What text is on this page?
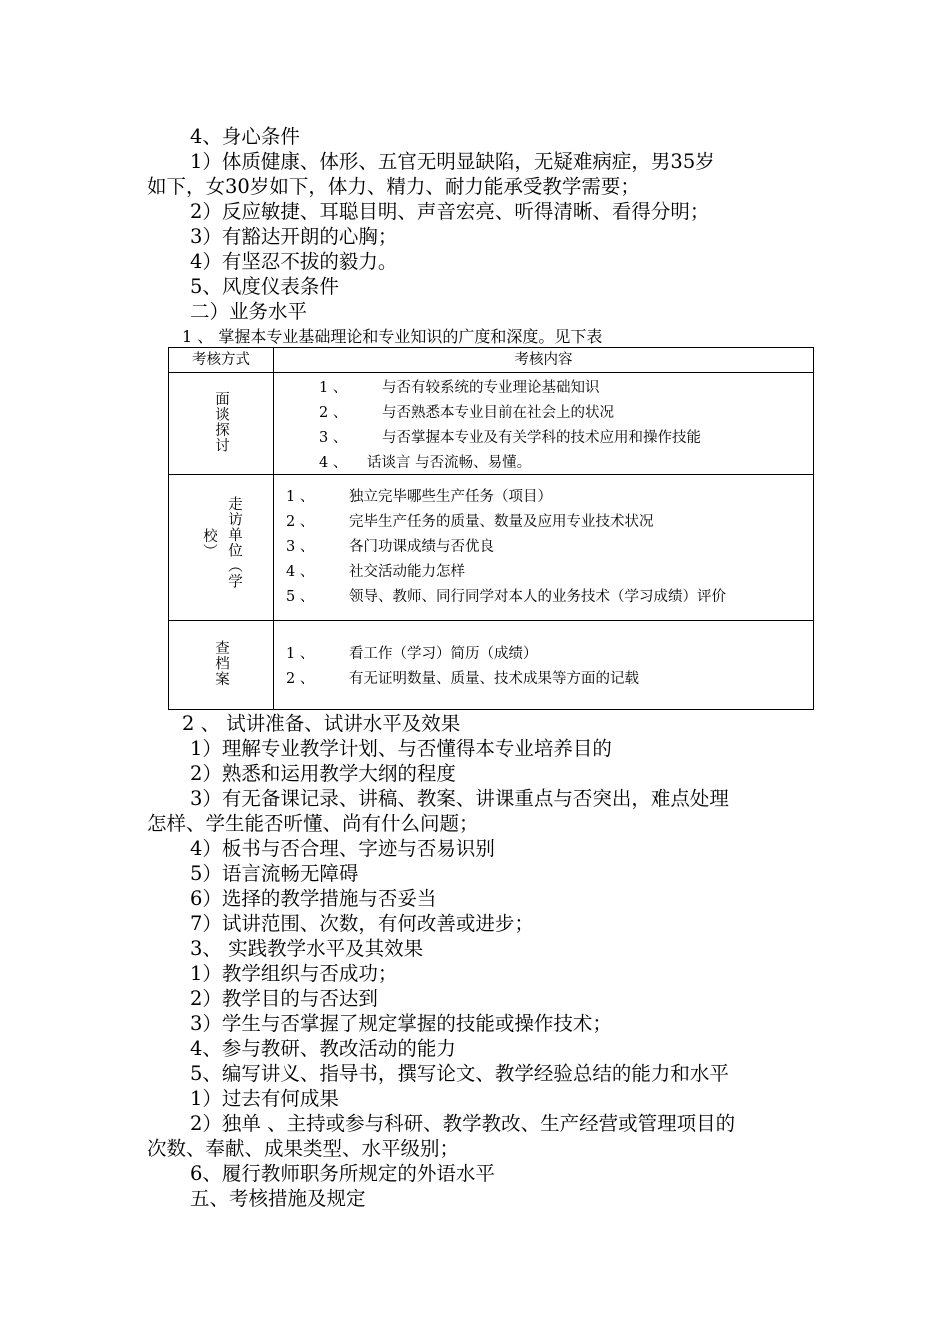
4、身心条件
1）体质健康、体形、五官无明显缺陷，无疑难病症，男35岁
如下，女30岁如下，体力、精力、耐力能承受教学需要；
2）反应敏捷、耳聪目明、声音宏亮、听得清晰、看得分明；
3）有豁达开朗的心胸；
4）有坚忍不拔的毅力。
5、风度仪表条件
二）业务水平
1 、 掌握本专业基础理论和专业知识的广度和深度。见下表
考核方式	考核内容
面谈探讨
1 、 与否有较系统的专业理论基础知识
2 、 与否熟悉本专业目前在社会上的状况
3 、 与否掌握本专业及有关学科的技术应用和操作技能
4 、 话谈言 与否流畅、易懂。
走访单位（学
校）
1 、 独立完毕哪些生产任务（项目）
2 、 完毕生产任务的质量、数量及应用专业技术状况
3 、 各门功课成绩与否优良
4 、 社交活动能力怎样
5 、 领导、教师、同行同学对本人的业务技术（学习成绩）评价
查档案	1 、 看工作（学习）简历（成绩）
2 、 有无证明数量、质量、技术成果等方面的记载
2 、 试讲准备、试讲水平及效果
1）理解专业教学计划、与否懂得本专业培养目的
2）熟悉和运用教学大纲的程度
3）有无备课记录、讲稿、教案、讲课重点与否突出，难点处理
怎样、学生能否听懂、尚有什么问题；
4）板书与否合理、字迹与否易识别
5）语言流畅无障碍
6）选择的教学措施与否妥当
7）试讲范围、次数，有何改善或进步；
3、 实践教学水平及其效果
1）教学组织与否成功；
2）教学目的与否达到
3）学生与否掌握了规定掌握的技能或操作技术；
4、参与教研、教改活动的能力
5、编写讲义、指导书，撰写论文、教学经验总结的能力和水平
1）过去有何成果
2）独单 、主持或参与科研、教学教改、生产经营或管理项目的
次数、奉献、成果类型、水平级别；
6、履行教师职务所规定的外语水平
五、考核措施及规定
